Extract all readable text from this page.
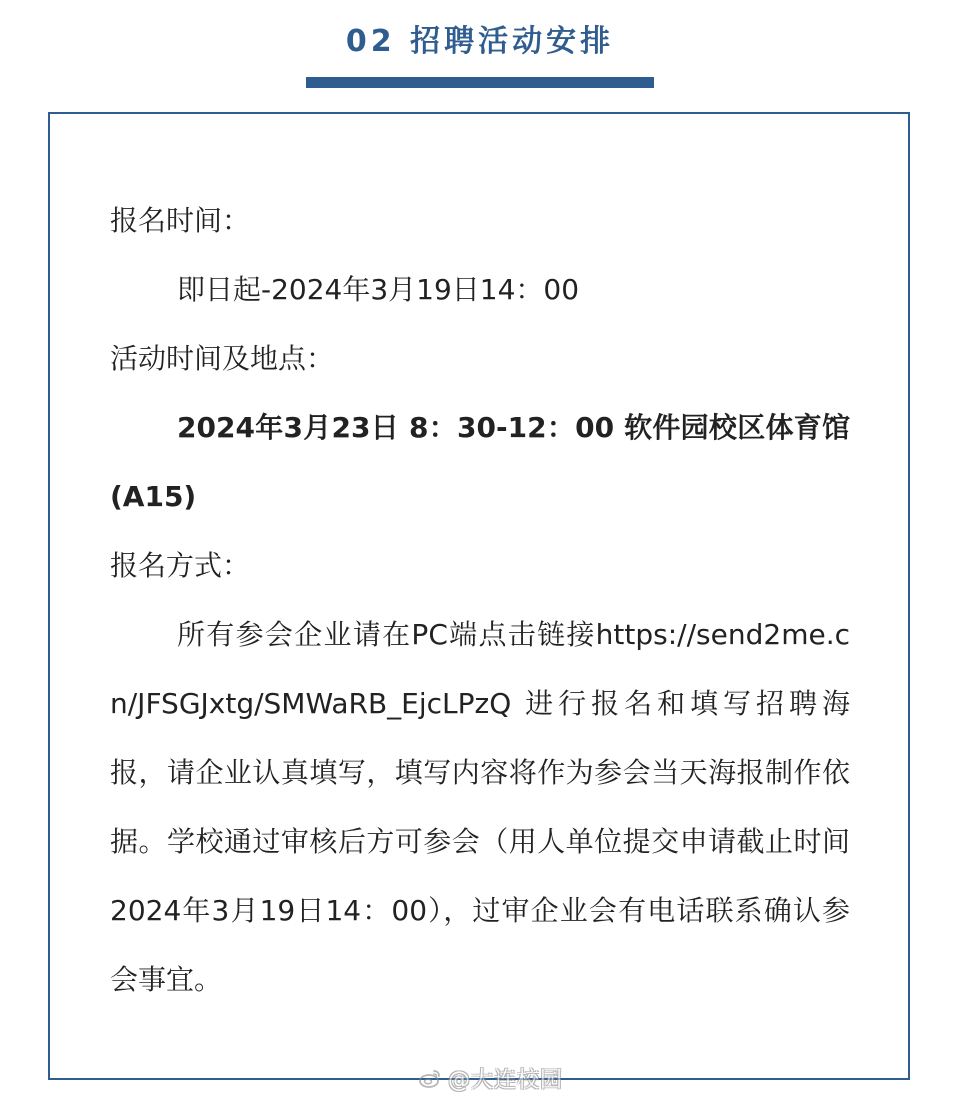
02 招聘活动安排

报名时间：

即日起-2024年3月19日14：00

活动时间及地点：

2024年3月23日 8：30-12：00 软件园校区体育馆(A15)

报名方式：

所有参会企业请在PC端点击链接https://send2me.cn/JFSGJxtg/SMWaRB_EjcLPzQ 进行报名和填写招聘海报，请企业认真填写，填写内容将作为参会当天海报制作依据。学校通过审核后方可参会（用人单位提交申请截止时间2024年3月19日14：00），过审企业会有电话联系确认参会事宜。

@大连校园
